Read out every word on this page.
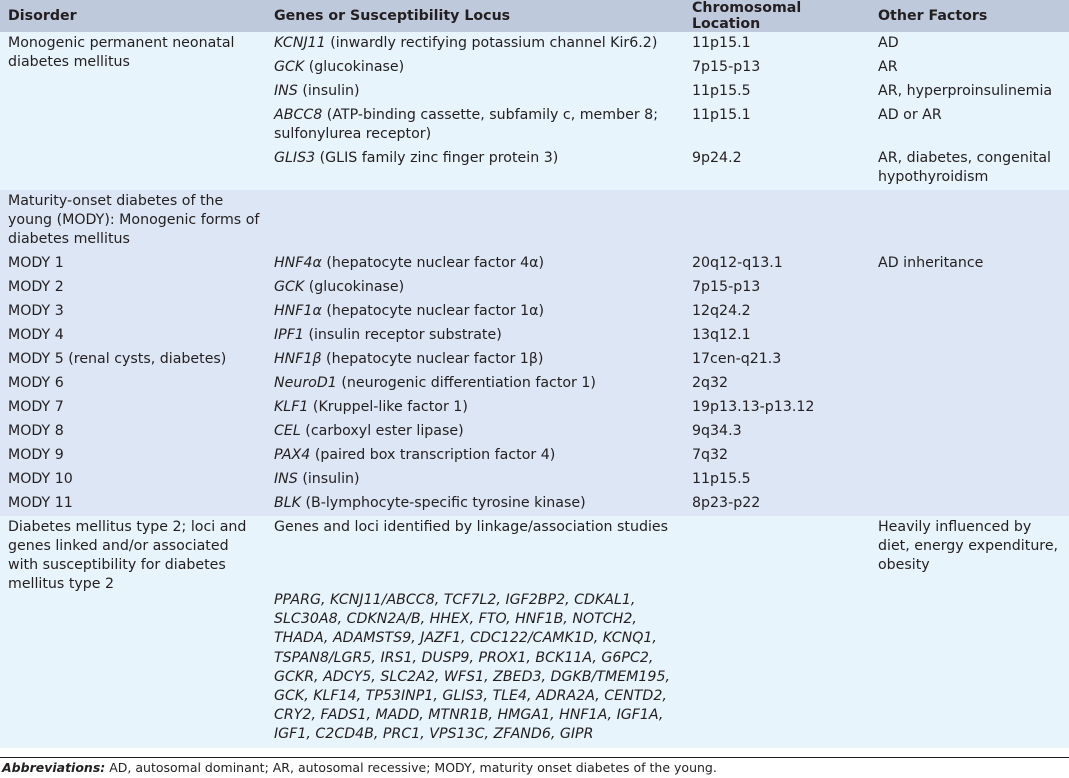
Disorder	Genes or Susceptibility Locus	Chromosomal Location	Other Factors
Monogenic permanent neonatal diabetes mellitus	KCNJ11 (inwardly rectifying potassium channel Kir6.2)	11p15.1	AD
	GCK (glucokinase)	7p15-p13	AR
	INS (insulin)	11p15.5	AR, hyperproinsulinemia
	ABCC8 (ATP-binding cassette, subfamily c, member 8; sulfonylurea receptor)	11p15.1	AD or AR
	GLIS3 (GLIS family zinc finger protein 3)	9p24.2	AR, diabetes, congenital hypothyroidism
Maturity-onset diabetes of the young (MODY): Monogenic forms of diabetes mellitus			
MODY 1	HNF4α (hepatocyte nuclear factor 4α)	20q12-q13.1	AD inheritance
MODY 2	GCK (glucokinase)	7p15-p13	
MODY 3	HNF1α (hepatocyte nuclear factor 1α)	12q24.2	
MODY 4	IPF1 (insulin receptor substrate)	13q12.1	
MODY 5 (renal cysts, diabetes)	HNF1β (hepatocyte nuclear factor 1β)	17cen-q21.3	
MODY 6	NeuroD1 (neurogenic differentiation factor 1)	2q32	
MODY 7	KLF1 (Kruppel-like factor 1)	19p13.13-p13.12	
MODY 8	CEL (carboxyl ester lipase)	9q34.3	
MODY 9	PAX4 (paired box transcription factor 4)	7q32	
MODY 10	INS (insulin)	11p15.5	
MODY 11	BLK (B-lymphocyte-specific tyrosine kinase)	8p23-p22	
Diabetes mellitus type 2; loci and genes linked and/or associated with susceptibility for diabetes mellitus type 2	Genes and loci identified by linkage/association studies		Heavily influenced by diet, energy expenditure, obesity
	PPARG, KCNJ11/ABCC8, TCF7L2, IGF2BP2, CDKAL1, SLC30A8, CDKN2A/B, HHEX, FTO, HNF1B, NOTCH2, THADA, ADAMSTS9, JAZF1, CDC122/CAMK1D, KCNQ1, TSPAN8/LGR5, IRS1, DUSP9, PROX1, BCK11A, G6PC2, GCKR, ADCY5, SLC2A2, WFS1, ZBED3, DGKB/TMEM195, GCK, KLF14, TP53INP1, GLIS3, TLE4, ADRA2A, CENTD2, CRY2, FADS1, MADD, MTNR1B, HMGA1, HNF1A, IGF1A, IGF1, C2CD4B, PRC1, VPS13C, ZFAND6, GIPR		
Abbreviations: AD, autosomal dominant; AR, autosomal recessive; MODY, maturity onset diabetes of the young.
